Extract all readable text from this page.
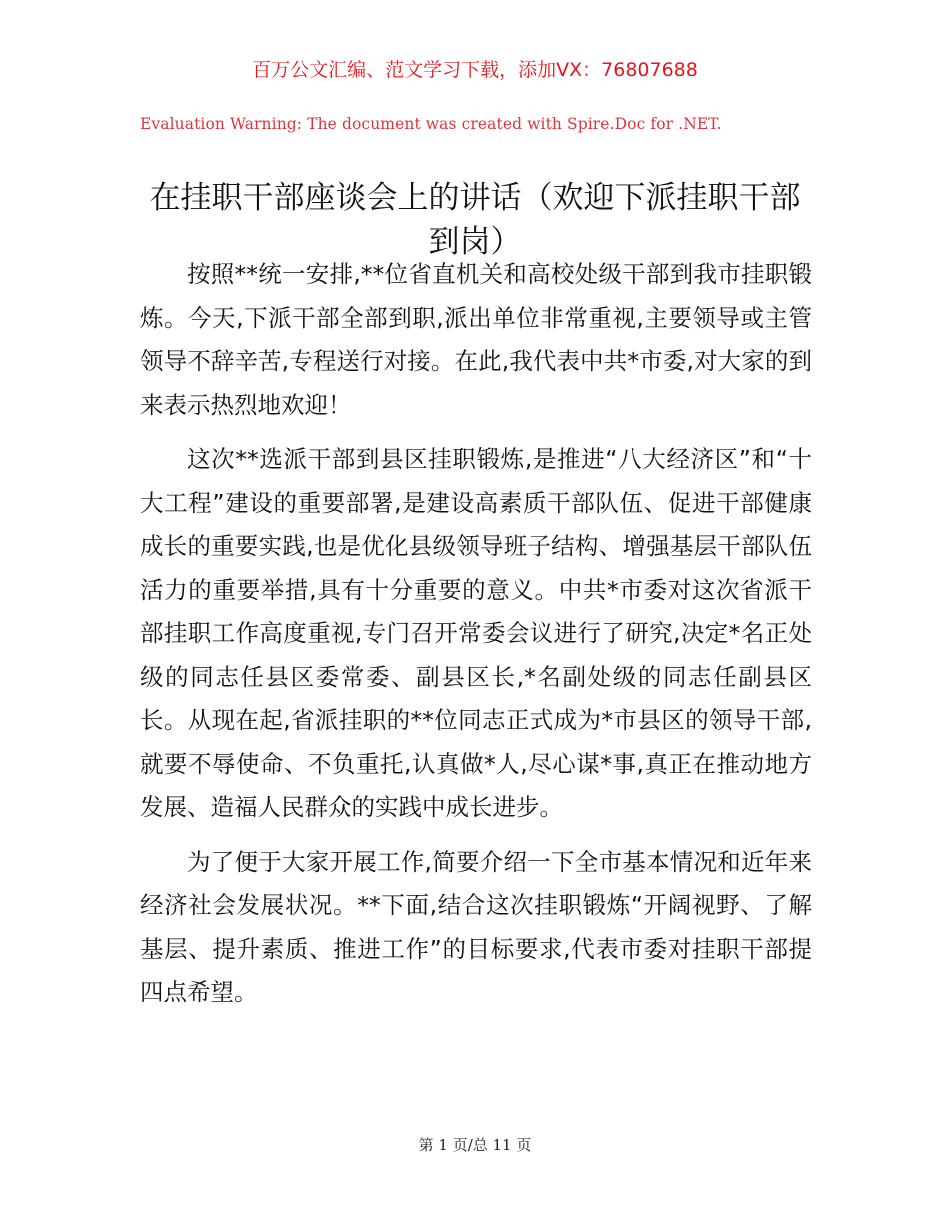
百万公文汇编、范文学习下载，添加VX：76807688
Evaluation Warning: The document was created with Spire.Doc for .NET.
在挂职干部座谈会上的讲话（欢迎下派挂职干部到岗）

按照**统一安排,**位省直机关和高校处级干部到我市挂职锻炼。今天,下派干部全部到职,派出单位非常重视,主要领导或主管领导不辞辛苦,专程送行对接。在此,我代表中共*市委,对大家的到来表示热烈地欢迎！

这次**选派干部到县区挂职锻炼,是推进“八大经济区”和“十大工程”建设的重要部署,是建设高素质干部队伍、促进干部健康成长的重要实践,也是优化县级领导班子结构、增强基层干部队伍活力的重要举措,具有十分重要的意义。中共*市委对这次省派干部挂职工作高度重视,专门召开常委会议进行了研究,决定*名正处级的同志任县区委常委、副县区长,*名副处级的同志任副县区长。从现在起,省派挂职的**位同志正式成为*市县区的领导干部,就要不辱使命、不负重托,认真做*人,尽心谋*事,真正在推动地方发展、造福人民群众的实践中成长进步。

为了便于大家开展工作,简要介绍一下全市基本情况和近年来经济社会发展状况。**下面,结合这次挂职锻炼“开阔视野、了解基层、提升素质、推进工作”的目标要求,代表市委对挂职干部提四点希望。

第 1 页/总 11 页
